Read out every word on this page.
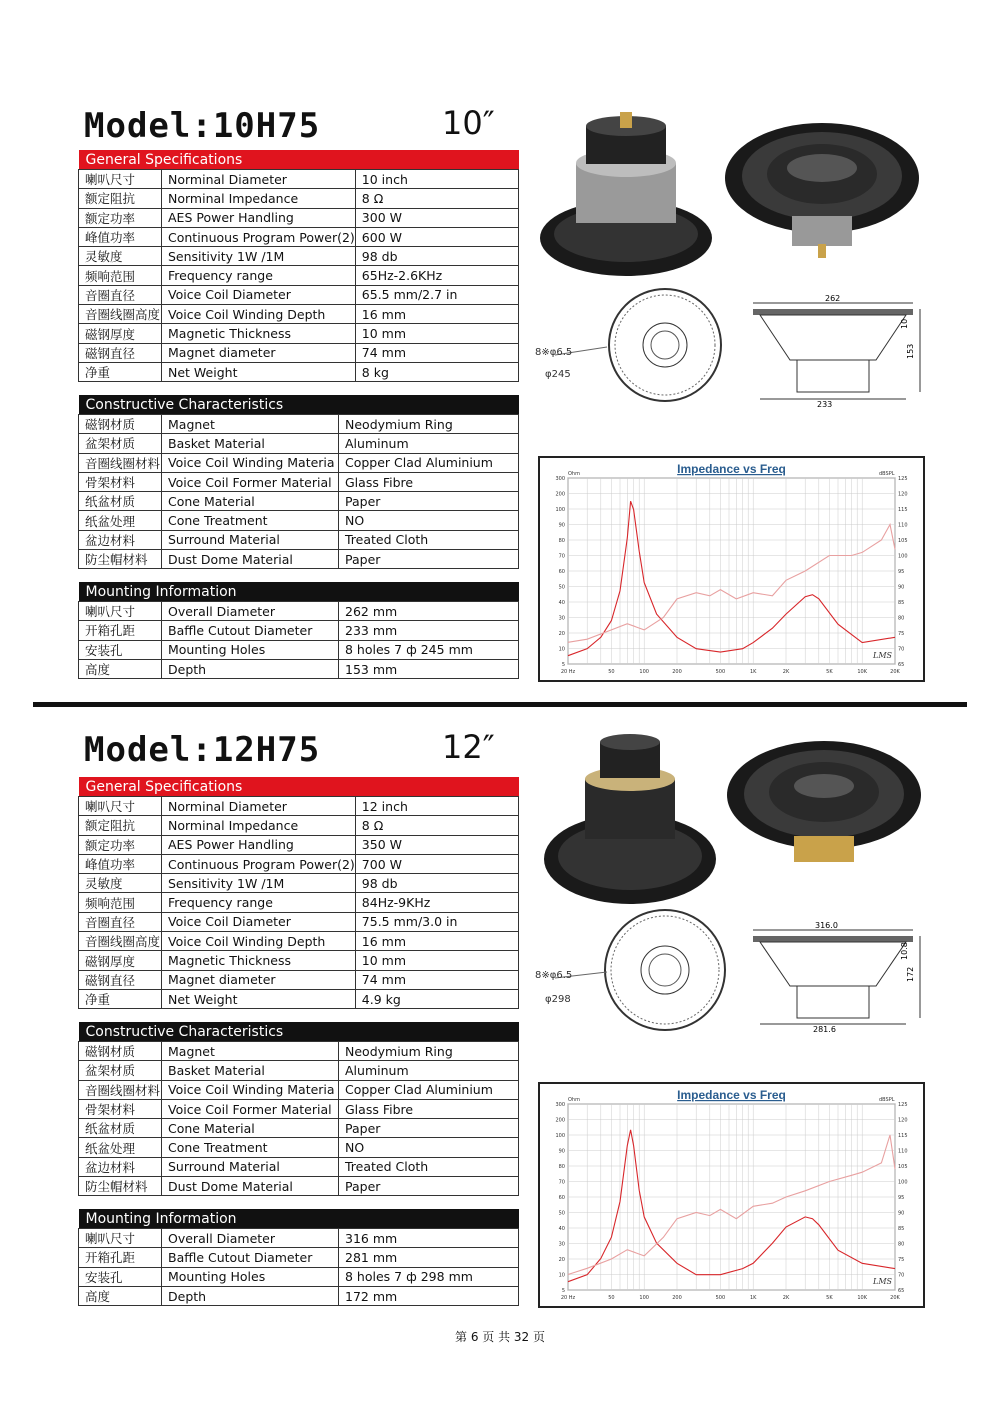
Model:10H75	10″
General Specifications		
喇叭尺寸	Norminal Diameter	10 inch
额定阻抗	Norminal Impedance	8 Ω
额定功率	AES Power Handling	300 W
峰值功率	Continuous Program Power(2)	600 W
灵敏度	Sensitivity 1W /1M	98 db
频响范围	Frequency range	65Hz-2.6KHz
音圈直径	Voice Coil Diameter	65.5 mm/2.7 in
音圈线圈高度	Voice Coil Winding Depth	16 mm
磁钢厚度	Magnetic Thickness	10 mm
磁钢直径	Magnet diameter	74 mm
净重	Net Weight	8 kg
Constructive Characteristics		
磁钢材质	Magnet	Neodymium Ring
盆架材质	Basket Material	Aluminum
音圈线圈材料	Voice Coil Winding Materia	Copper Clad Aluminium
骨架材料	Voice Coil Former Material	Glass Fibre
纸盆材质	Cone Material	Paper
纸盆处理	Cone Treatment	NO
盆边材料	Surround Material	Treated Cloth
防尘帽材料	Dust Dome Material	Paper
Mounting Information		
喇叭尺寸	Overall Diameter	262 mm
开箱孔距	Baffle Cutout Diameter	233 mm
安装孔	Mounting Holes	8 holes 7 ф 245 mm
高度	Depth	153 mm
8※φ6.5
φ245
262
233
153
10
Impedance vs Freq
20 Hz	50	100	200	500	1K	2K	5K	10K	20K
300
200
100
90
80
70
60
50
40
30
20
10
5
125
120
115
110
105
100
95
90
85
80
75
70
65
Ohm	dBSPL
LMS
Model:12H75	12″
General Specifications		
喇叭尺寸	Norminal Diameter	12 inch
额定阻抗	Norminal Impedance	8 Ω
额定功率	AES Power Handling	350 W
峰值功率	Continuous Program Power(2)	700 W
灵敏度	Sensitivity 1W /1M	98 db
频响范围	Frequency range	84Hz-9KHz
音圈直径	Voice Coil Diameter	75.5 mm/3.0 in
音圈线圈高度	Voice Coil Winding Depth	16 mm
磁钢厚度	Magnetic Thickness	10 mm
磁钢直径	Magnet diameter	74 mm
净重	Net Weight	4.9 kg
Constructive Characteristics		
磁钢材质	Magnet	Neodymium Ring
盆架材质	Basket Material	Aluminum
音圈线圈材料	Voice Coil Winding Materia	Copper Clad Aluminium
骨架材料	Voice Coil Former Material	Glass Fibre
纸盆材质	Cone Material	Paper
纸盆处理	Cone Treatment	NO
盆边材料	Surround Material	Treated Cloth
防尘帽材料	Dust Dome Material	Paper
Mounting Information		
喇叭尺寸	Overall Diameter	316 mm
开箱孔距	Baffle Cutout Diameter	281 mm
安装孔	Mounting Holes	8 holes 7 ф 298 mm
高度	Depth	172 mm
8※φ6.5
φ298
316.0
281.6
172
10.8
Impedance vs Freq
20 Hz	50	100	200	500	1K	2K	5K	10K	20K
300
200
100
90
80
70
60
50
40
30
20
10
5
125
120
115
110
105
100
95
90
85
80
75
70
65
Ohm	dBSPL
LMS
第 6 页 共 32 页
